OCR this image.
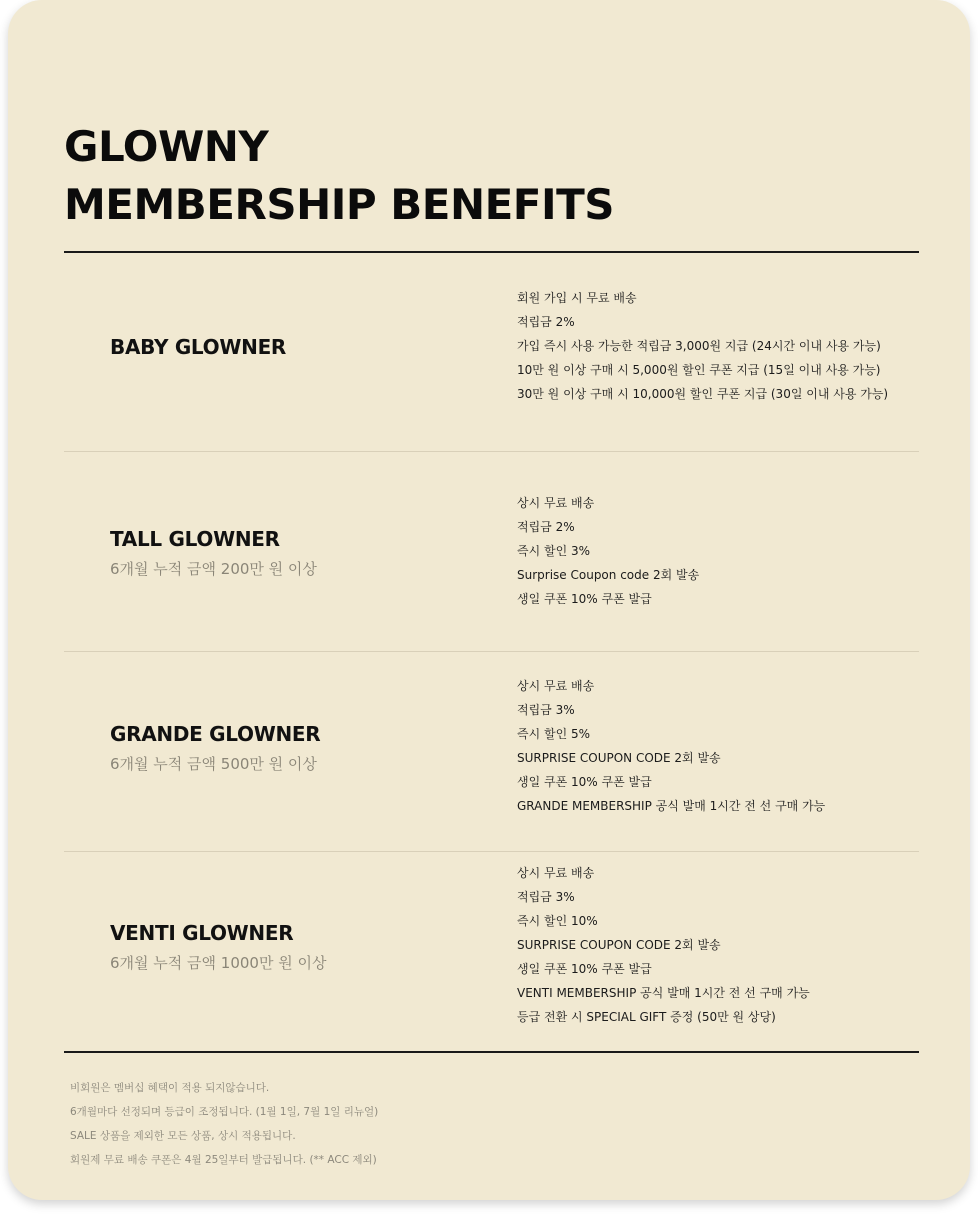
GLOWNY
MEMBERSHIP BENEFITS
BABY GLOWNER
회원 가입 시 무료 배송
적립금 2%
가입 즉시 사용 가능한 적립금 3,000원 지급 (24시간 이내 사용 가능)
10만 원 이상 구매 시 5,000원 할인 쿠폰 지급 (15일 이내 사용 가능)
30만 원 이상 구매 시 10,000원 할인 쿠폰 지급 (30일 이내 사용 가능)
TALL GLOWNER
6개월 누적 금액 200만 원 이상
상시 무료 배송
적립금 2%
즉시 할인 3%
Surprise Coupon code 2회 발송
생일 쿠폰 10% 쿠폰 발급
GRANDE GLOWNER
6개월 누적 금액 500만 원 이상
상시 무료 배송
적립금 3%
즉시 할인 5%
SURPRISE COUPON CODE 2회 발송
생일 쿠폰 10% 쿠폰 발급
GRANDE MEMBERSHIP 공식 발매 1시간 전 선 구매 가능
VENTI GLOWNER
6개월 누적 금액 1000만 원 이상
상시 무료 배송
적립금 3%
즉시 할인 10%
SURPRISE COUPON CODE 2회 발송
생일 쿠폰 10% 쿠폰 발급
VENTI MEMBERSHIP 공식 발매 1시간 전 선 구매 가능
등급 전환 시 SPECIAL GIFT 증정 (50만 원 상당)
비회원은 멤버십 혜택이 적용 되지않습니다.
6개월마다 선정되며 등급이 조정됩니다. (1월 1일, 7월 1일 리뉴얼)
SALE 상품을 제외한 모든 상품, 상시 적용됩니다.
회원제 무료 배송 쿠폰은 4월 25일부터 발급됩니다. (** ACC 제외)
